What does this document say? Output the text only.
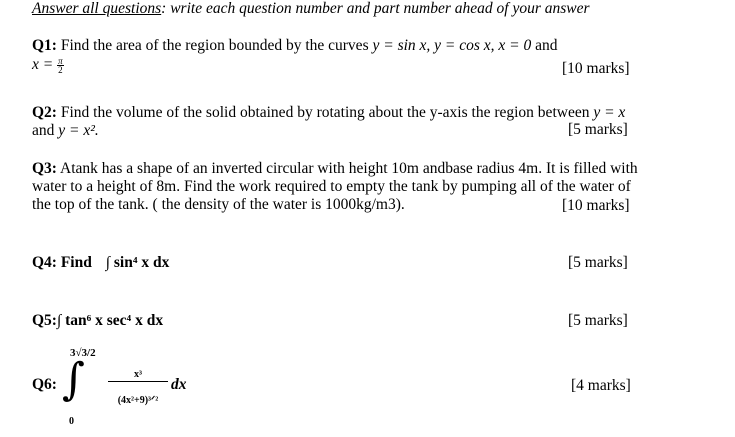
Answer all questions: write each question number and part number ahead of your answer
Q1: Find the area of the region bounded by the curves y = sin x, y = cos x, x = 0 and
$x = \frac{\pi}{2}$	[10 marks]
Q2: Find the volume of the solid obtained by rotating about the y-axis the region between y = x
and y = x².	[5 marks]
Q3: Atank has a shape of an inverted circular with height 10m andbase radius 4m. It is filled with
water to a height of 8m. Find the work required to empty the tank by pumping all of the water of
the top of the tank. ( the density of the water is 1000kg/m3).	[10 marks]
Q4: Find ∫ sin⁴ x dx	[5 marks]
Q5:∫ tan⁶ x sec⁴ x dx	[5 marks]
Q6: ∫
3√3/2
0
x³
(4x²+9)³ᐟ²
dx	[4 marks]
